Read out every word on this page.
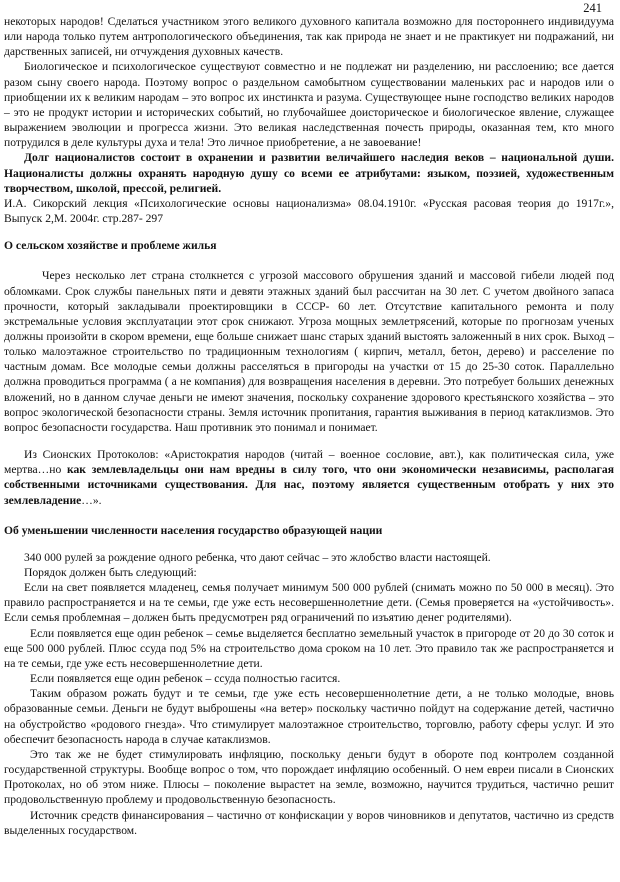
241

некоторых народов! Сделаться участником этого великого духовного капитала возможно для постороннего индивидуума или народа только путем антропологического объединения, так как природа не знает и не практикует ни подражаний, ни дарственных записей, ни отчуждения духовных качеств.

Биологическое и психологическое существуют совместно и не подлежат ни разделению, ни расслоению; все дается разом сыну своего народа. Поэтому вопрос о раздельном самобытном существовании маленьких рас и народов или о приобщении их к великим народам – это вопрос их инстинкта и разума. Существующее ныне господство великих народов – это не продукт истории и исторических событий, но глубочайшее доисторическое и биологическое явление, служащее выражением эволюции и прогресса жизни. Это великая наследственная почесть природы, оказанная тем, кто много потрудился в деле культуры духа и тела! Это личное приобретение, а не завоевание!

Долг националистов состоит в охранении и развитии величайшего наследия веков – национальной души. Националисты должны охранять народную душу со всеми ее атрибутами: языком, поэзией, художественным творчеством, школой, прессой, религией.

И.А. Сикорский лекция «Психологические основы национализма» 08.04.1910г. «Русская расовая теория до 1917г.», Выпуск 2,М. 2004г. стр.287- 297

О сельском хозяйстве и проблеме жилья

Через несколько лет страна столкнется с угрозой массового обрушения зданий и массовой гибели людей под обломками. Срок службы панельных пяти и девяти этажных зданий был рассчитан на 30 лет. С учетом двойного запаса прочности, который закладывали проектировщики в СССР- 60 лет. Отсутствие капитального ремонта и полу экстремальные условия эксплуатации этот срок снижают. Угроза мощных землетрясений, которые по прогнозам ученых должны произойти в скором времени, еще больше снижает шанс старых зданий выстоять заложенный в них срок. Выход – только малоэтажное строительство по традиционным технологиям ( кирпич, металл, бетон, дерево) и расселение по частным домам. Все молодые семьи должны расселяться в пригороды на участки от 15 до 25-30 соток. Параллельно должна проводиться программа ( а не компания) для возвращения населения в деревни. Это потребует больших денежных вложений, но в данном случае деньги не имеют значения, поскольку сохранение здорового крестьянского хозяйства – это вопрос экологической безопасности страны. Земля источник пропитания, гарантия выживания в период катаклизмов. Это вопрос безопасности государства. Наш противник это понимал и понимает.

Из Сионских Протоколов: «Аристократия народов (читай – военное сословие, авт.), как политическая сила, уже мертва…но как землевладельцы они нам вредны в силу того, что они экономически независимы, располагая собственными источниками существования. Для нас, поэтому является существенным отобрать у них это землевладение…».

Об уменьшении численности населения государство образующей нации

340 000 рулей за рождение одного ребенка, что дают сейчас – это жлобство власти настоящей.

Порядок должен быть следующий:

Если на свет появляется младенец, семья получает минимум 500 000 рублей (снимать можно по 50 000 в месяц). Это правило распространяется и на те семьи, где уже есть несовершеннолетние дети. (Семья проверяется на «устойчивость». Если семья проблемная – должен быть предусмотрен ряд ограничений по изъятию денег родителями).

Если появляется еще один ребенок – семье выделяется бесплатно земельный участок в пригороде от 20 до 30 соток и еще 500 000 рублей. Плюс ссуда под 5% на строительство дома сроком на 10 лет. Это правило так же распространяется и на те семьи, где уже есть несовершеннолетние дети.

Если появляется еще один ребенок – ссуда полностью гасится.

Таким образом рожать будут и те семьи, где уже есть несовершеннолетние дети, а не только молодые, вновь образованные семьи. Деньги не будут выброшены «на ветер» поскольку частично пойдут на содержание детей, частично на обустройство «родового гнезда». Что стимулирует малоэтажное строительство, торговлю, работу сферы услуг. И это обеспечит безопасность народа в случае катаклизмов.

Это так же не будет стимулировать инфляцию, поскольку деньги будут в обороте под контролем созданной государственной структуры. Вообще вопрос о том, что порождает инфляцию особенный. О нем евреи писали в Сионских Протоколах, но об этом ниже. Плюсы – поколение вырастет на земле, возможно, научится трудиться, частично решит продовольственную проблему и продовольственную безопасность.

Источник средств финансирования – частично от конфискации у воров чиновников и депутатов, частично из средств выделенных государством.
